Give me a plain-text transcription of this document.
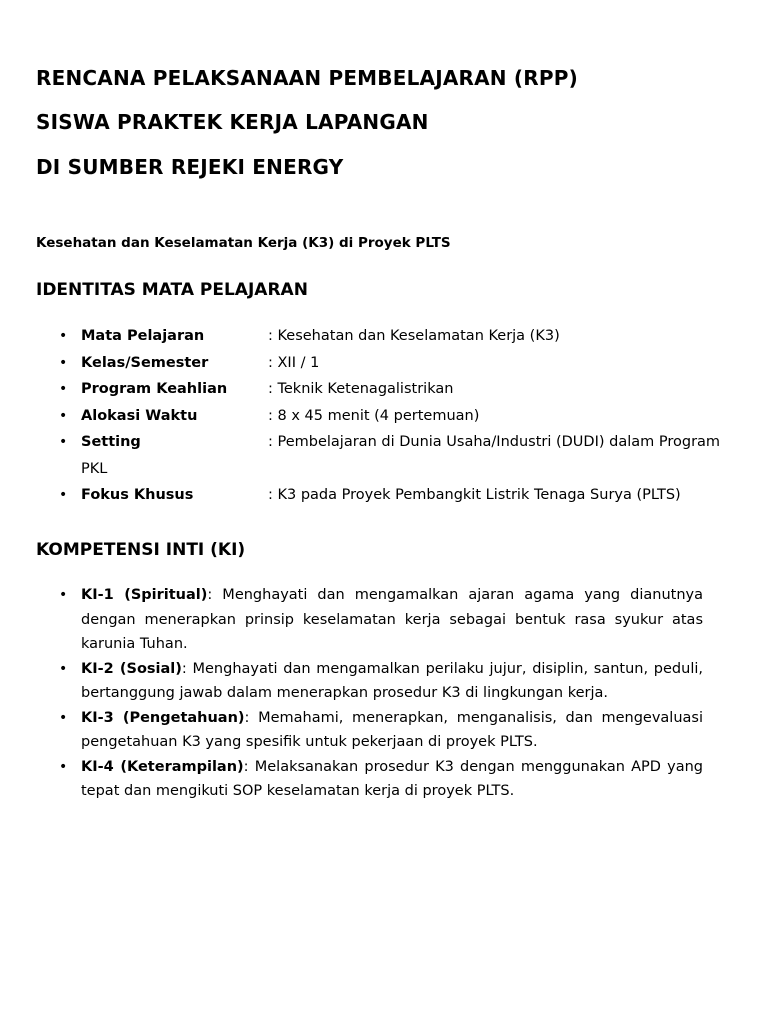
RENCANA PELAKSANAAN PEMBELAJARAN (RPP)
SISWA PRAKTEK KERJA LAPANGAN
DI SUMBER REJEKI ENERGY

Kesehatan dan Keselamatan Kerja (K3) di Proyek PLTS

IDENTITAS MATA PELAJARAN
• Mata Pelajaran	: Kesehatan dan Keselamatan Kerja (K3)
• Kelas/Semester	: XII / 1
• Program Keahlian	: Teknik Ketenagalistrikan
• Alokasi Waktu	: 8 x 45 menit (4 pertemuan)
• Setting	: Pembelajaran di Dunia Usaha/Industri (DUDI) dalam Program
PKL
• Fokus Khusus	: K3 pada Proyek Pembangkit Listrik Tenaga Surya (PLTS)
KOMPETENSI INTI (KI)
• KI-1 (Spiritual): Menghayati dan mengamalkan ajaran agama yang dianutnya dengan menerapkan prinsip keselamatan kerja sebagai bentuk rasa syukur atas karunia Tuhan.
• KI-2 (Sosial): Menghayati dan mengamalkan perilaku jujur, disiplin, santun, peduli, bertanggung jawab dalam menerapkan prosedur K3 di lingkungan kerja.
• KI-3 (Pengetahuan): Memahami, menerapkan, menganalisis, dan mengevaluasi pengetahuan K3 yang spesifik untuk pekerjaan di proyek PLTS.
• KI-4 (Keterampilan): Melaksanakan prosedur K3 dengan menggunakan APD yang tepat dan mengikuti SOP keselamatan kerja di proyek PLTS.
